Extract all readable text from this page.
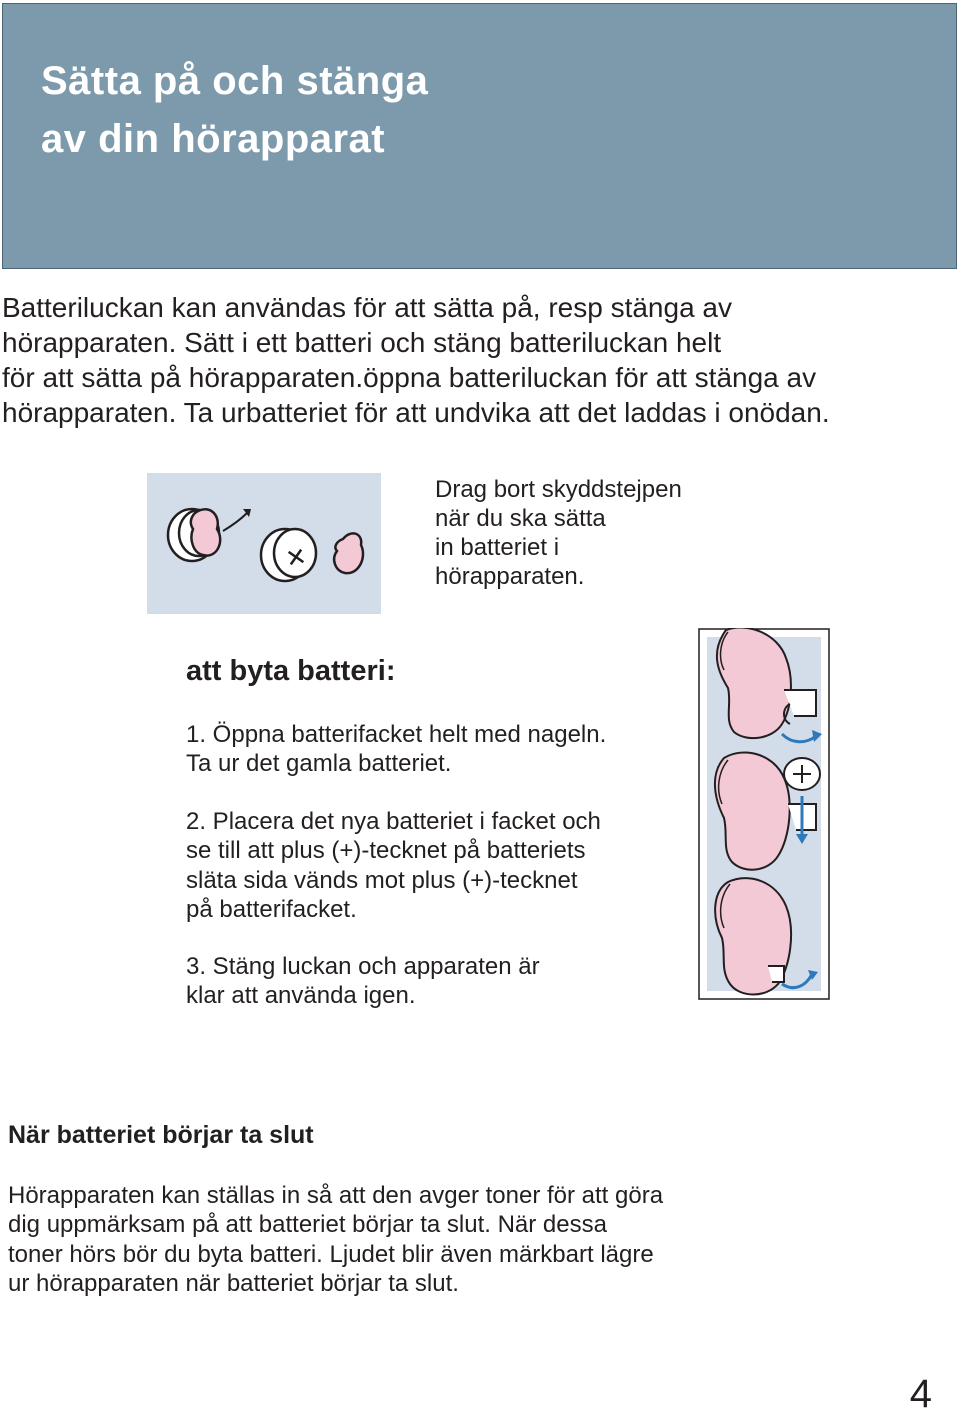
Sätta på och stänga
av din hörapparat

Batteriluckan kan användas för att sätta på, resp stänga av
hörapparaten. Sätt i ett batteri och stäng batteriluckan helt
för att sätta på hörapparaten.öppna batteriluckan för att stänga av
hörapparaten. Ta urbatteriet för att undvika att det laddas i onödan.

Drag bort skyddstejpen
när du ska sätta
in batteriet i
hörapparaten.

att byta batteri:

1. Öppna batterifacket helt med nageln.
Ta ur det gamla batteriet.

2. Placera det nya batteriet i facket och
se till att plus (+)-tecknet på batteriets
släta sida vänds mot plus (+)-tecknet
på batterifacket.

3. Stäng luckan och apparaten är
klar att använda igen.

När batteriet börjar ta slut

Hörapparaten kan ställas in så att den avger toner för att göra
dig uppmärksam på att batteriet börjar ta slut. När dessa
toner hörs bör du byta batteri. Ljudet blir även märkbart lägre
ur hörapparaten när batteriet börjar ta slut.

4
